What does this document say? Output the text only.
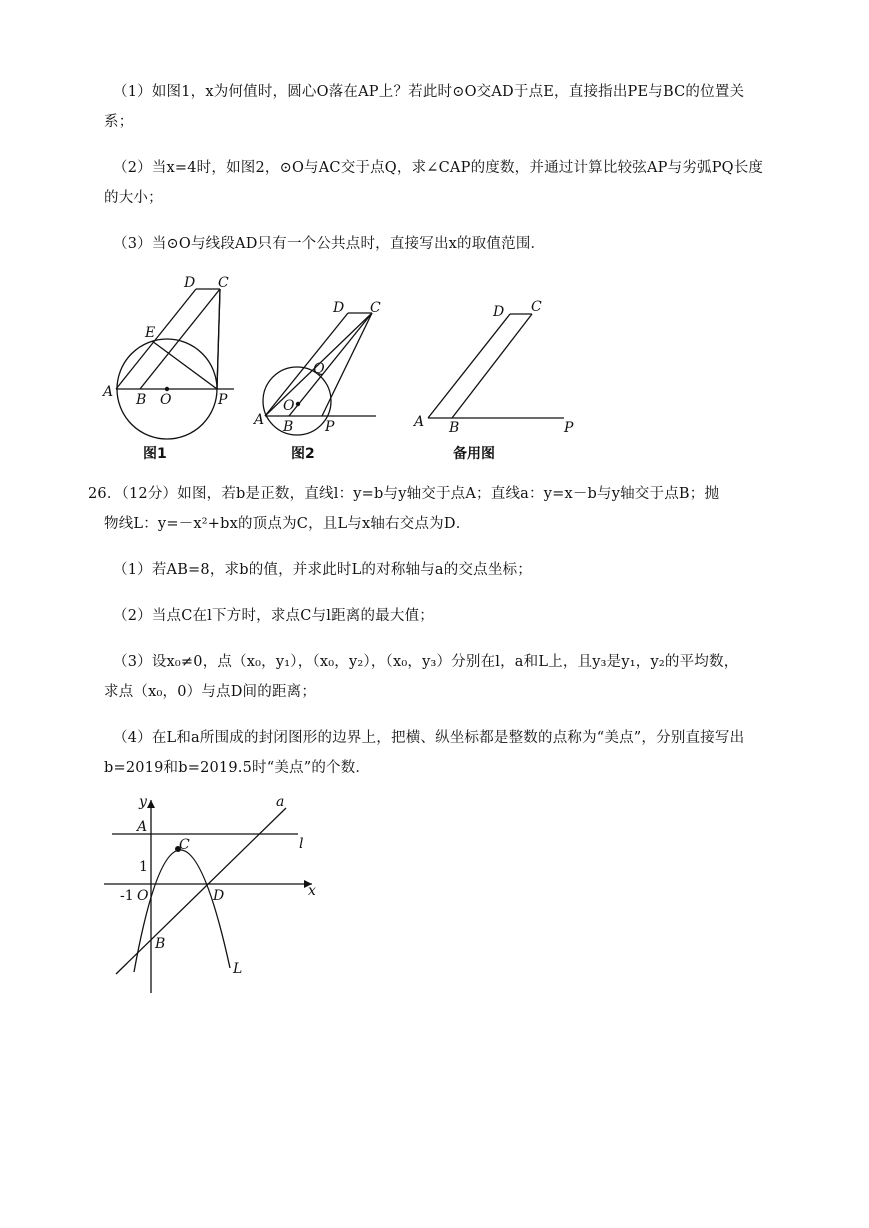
（1）如图1，x为何值时，圆心O落在AP上？若此时⊙O交AD于点E，直接指出PE与BC的位置关
系；
（2）当x=4时，如图2，⊙O与AC交于点Q，求∠CAP的度数，并通过计算比较弦AP与劣弧PQ长度
的大小；
（3）当⊙O与线段AD只有一个公共点时，直接写出x的取值范围．
D C
E
A B O	P
图1
D C
Q
O
A B P
图2
D C
A B	P
备用图
26．（12分）如图，若b是正数，直线l：y=b与y轴交于点A；直线a：y=x－b与y轴交于点B；抛
物线L：y=－x²+bx的顶点为C，且L与x轴右交点为D．
（1）若AB=8，求b的值，并求此时L的对称轴与a的交点坐标；
（2）当点C在l下方时，求点C与l距离的最大值；
（3）设x₀≠0，点（x₀，y₁），（x₀，y₂），（x₀，y₃）分别在l，a和L上，且y₃是y₁，y₂的平均数，
求点（x₀，0）与点D间的距离；
（4）在L和a所围成的封闭图形的边界上，把横、纵坐标都是整数的点称为“美点”，分别直接写出
b=2019和b=2019.5时“美点”的个数．
y
x
a
l
A
C
1
-1 O	D
B
L
